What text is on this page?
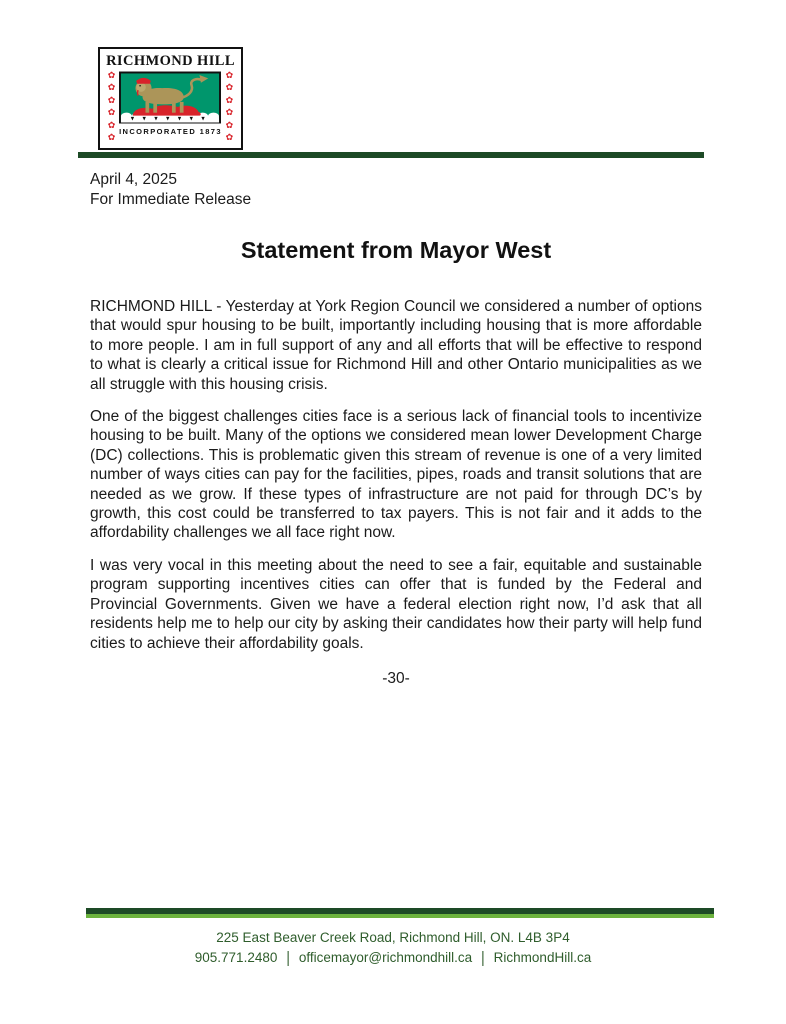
RICHMOND HILL
✿
✿
✿
✿
✿
✿
INCORPORATED 1873
✿
✿
✿
✿
✿
✿
April 4, 2025
For Immediate Release
Statement from Mayor West

RICHMOND HILL - Yesterday at York Region Council we considered a number of options that would spur housing to be built, importantly including housing that is more affordable to more people. I am in full support of any and all efforts that will be effective to respond to what is clearly a critical issue for Richmond Hill and other Ontario municipalities as we all struggle with this housing crisis.

One of the biggest challenges cities face is a serious lack of financial tools to incentivize housing to be built. Many of the options we considered mean lower Development Charge (DC) collections. This is problematic given this stream of revenue is one of a very limited number of ways cities can pay for the facilities, pipes, roads and transit solutions that are needed as we grow. If these types of infrastructure are not paid for through DC’s by growth, this cost could be transferred to tax payers. This is not fair and it adds to the affordability challenges we all face right now.

I was very vocal in this meeting about the need to see a fair, equitable and sustainable program supporting incentives cities can offer that is funded by the Federal and Provincial Governments. Given we have a federal election right now, I’d ask that all residents help me to help our city by asking their candidates how their party will help fund cities to achieve their affordability goals.

-30-
225 East Beaver Creek Road, Richmond Hill, ON. L4B 3P4
905.771.2480 | officemayor@richmondhill.ca | RichmondHill.ca
